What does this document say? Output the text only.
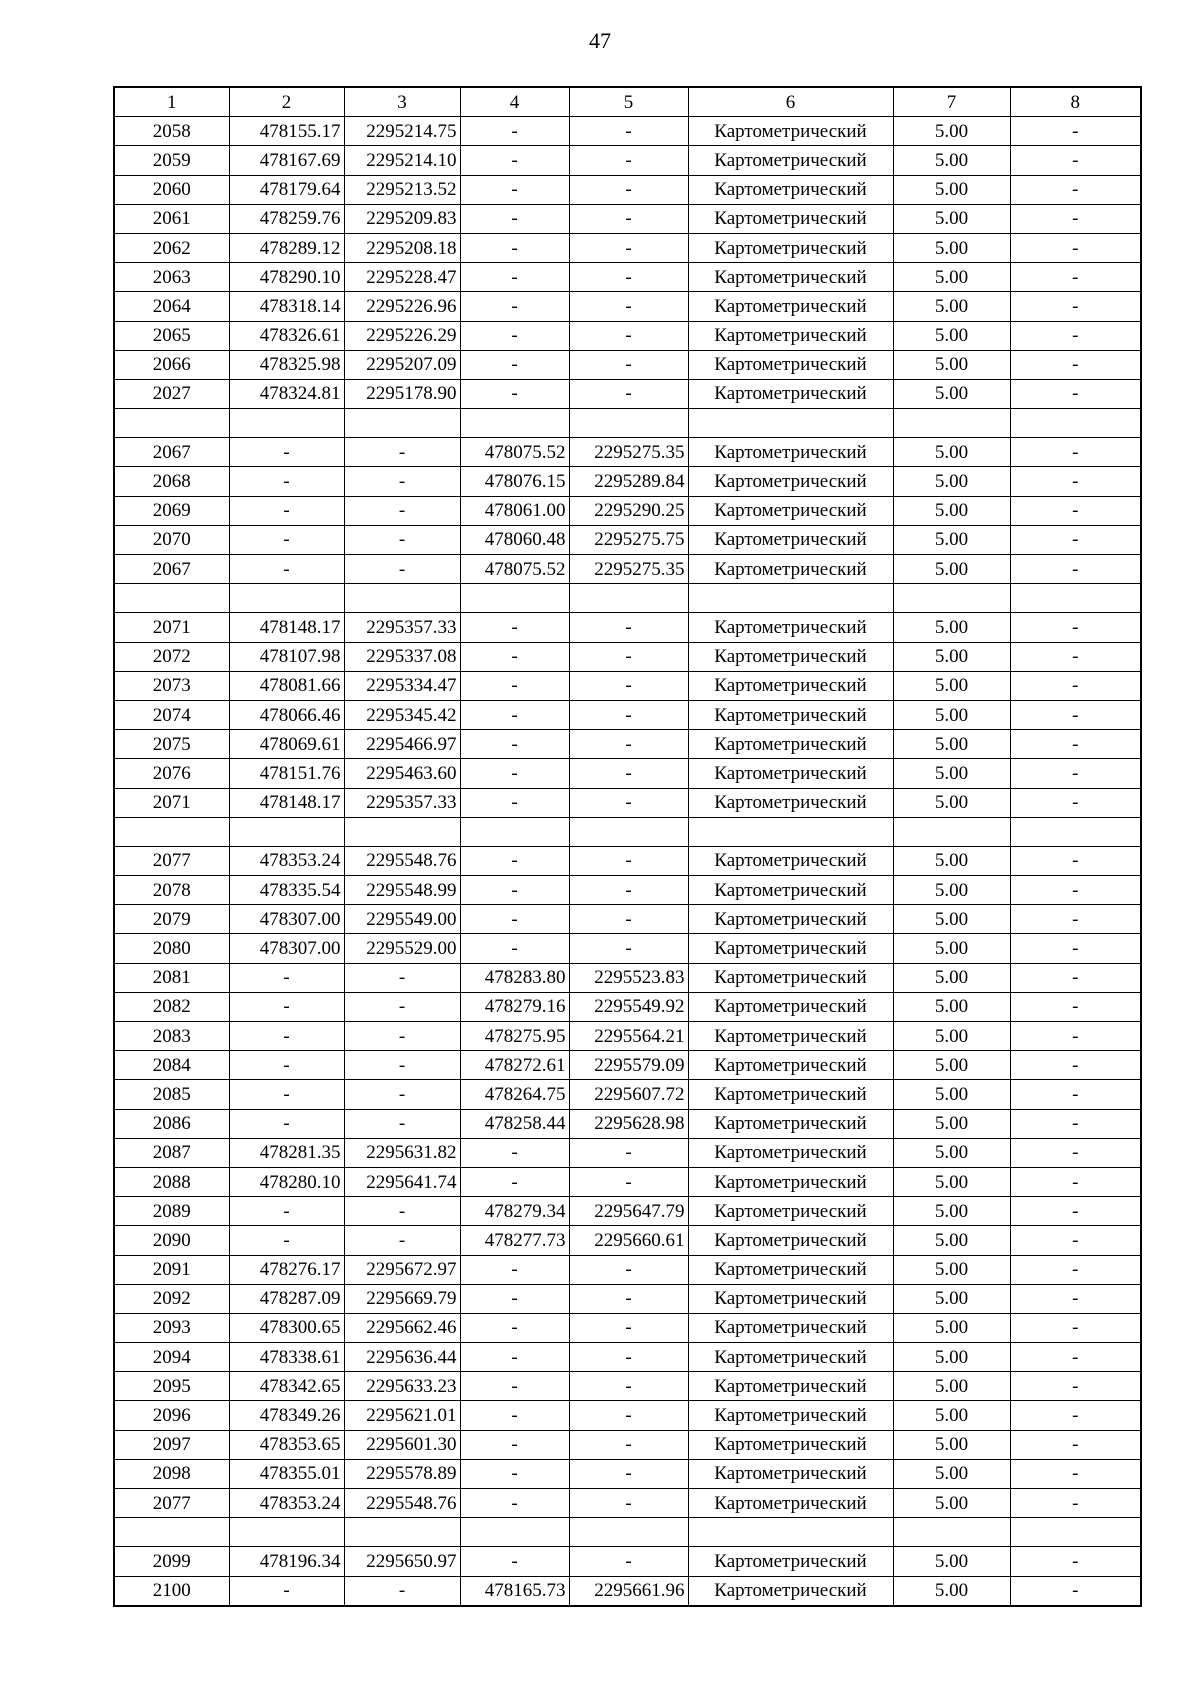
47
1	2	3	4	5	6	7	8
2058	478155.17	2295214.75	-	-	Картометрический	5.00	-
2059	478167.69	2295214.10	-	-	Картометрический	5.00	-
2060	478179.64	2295213.52	-	-	Картометрический	5.00	-
2061	478259.76	2295209.83	-	-	Картометрический	5.00	-
2062	478289.12	2295208.18	-	-	Картометрический	5.00	-
2063	478290.10	2295228.47	-	-	Картометрический	5.00	-
2064	478318.14	2295226.96	-	-	Картометрический	5.00	-
2065	478326.61	2295226.29	-	-	Картометрический	5.00	-
2066	478325.98	2295207.09	-	-	Картометрический	5.00	-
2027	478324.81	2295178.90	-	-	Картометрический	5.00	-

2067	-	-	478075.52	2295275.35	Картометрический	5.00	-
2068	-	-	478076.15	2295289.84	Картометрический	5.00	-
2069	-	-	478061.00	2295290.25	Картометрический	5.00	-
2070	-	-	478060.48	2295275.75	Картометрический	5.00	-
2067	-	-	478075.52	2295275.35	Картометрический	5.00	-

2071	478148.17	2295357.33	-	-	Картометрический	5.00	-
2072	478107.98	2295337.08	-	-	Картометрический	5.00	-
2073	478081.66	2295334.47	-	-	Картометрический	5.00	-
2074	478066.46	2295345.42	-	-	Картометрический	5.00	-
2075	478069.61	2295466.97	-	-	Картометрический	5.00	-
2076	478151.76	2295463.60	-	-	Картометрический	5.00	-
2071	478148.17	2295357.33	-	-	Картометрический	5.00	-

2077	478353.24	2295548.76	-	-	Картометрический	5.00	-
2078	478335.54	2295548.99	-	-	Картометрический	5.00	-
2079	478307.00	2295549.00	-	-	Картометрический	5.00	-
2080	478307.00	2295529.00	-	-	Картометрический	5.00	-
2081	-	-	478283.80	2295523.83	Картометрический	5.00	-
2082	-	-	478279.16	2295549.92	Картометрический	5.00	-
2083	-	-	478275.95	2295564.21	Картометрический	5.00	-
2084	-	-	478272.61	2295579.09	Картометрический	5.00	-
2085	-	-	478264.75	2295607.72	Картометрический	5.00	-
2086	-	-	478258.44	2295628.98	Картометрический	5.00	-
2087	478281.35	2295631.82	-	-	Картометрический	5.00	-
2088	478280.10	2295641.74	-	-	Картометрический	5.00	-
2089	-	-	478279.34	2295647.79	Картометрический	5.00	-
2090	-	-	478277.73	2295660.61	Картометрический	5.00	-
2091	478276.17	2295672.97	-	-	Картометрический	5.00	-
2092	478287.09	2295669.79	-	-	Картометрический	5.00	-
2093	478300.65	2295662.46	-	-	Картометрический	5.00	-
2094	478338.61	2295636.44	-	-	Картометрический	5.00	-
2095	478342.65	2295633.23	-	-	Картометрический	5.00	-
2096	478349.26	2295621.01	-	-	Картометрический	5.00	-
2097	478353.65	2295601.30	-	-	Картометрический	5.00	-
2098	478355.01	2295578.89	-	-	Картометрический	5.00	-
2077	478353.24	2295548.76	-	-	Картометрический	5.00	-

2099	478196.34	2295650.97	-	-	Картометрический	5.00	-
2100	-	-	478165.73	2295661.96	Картометрический	5.00	-
